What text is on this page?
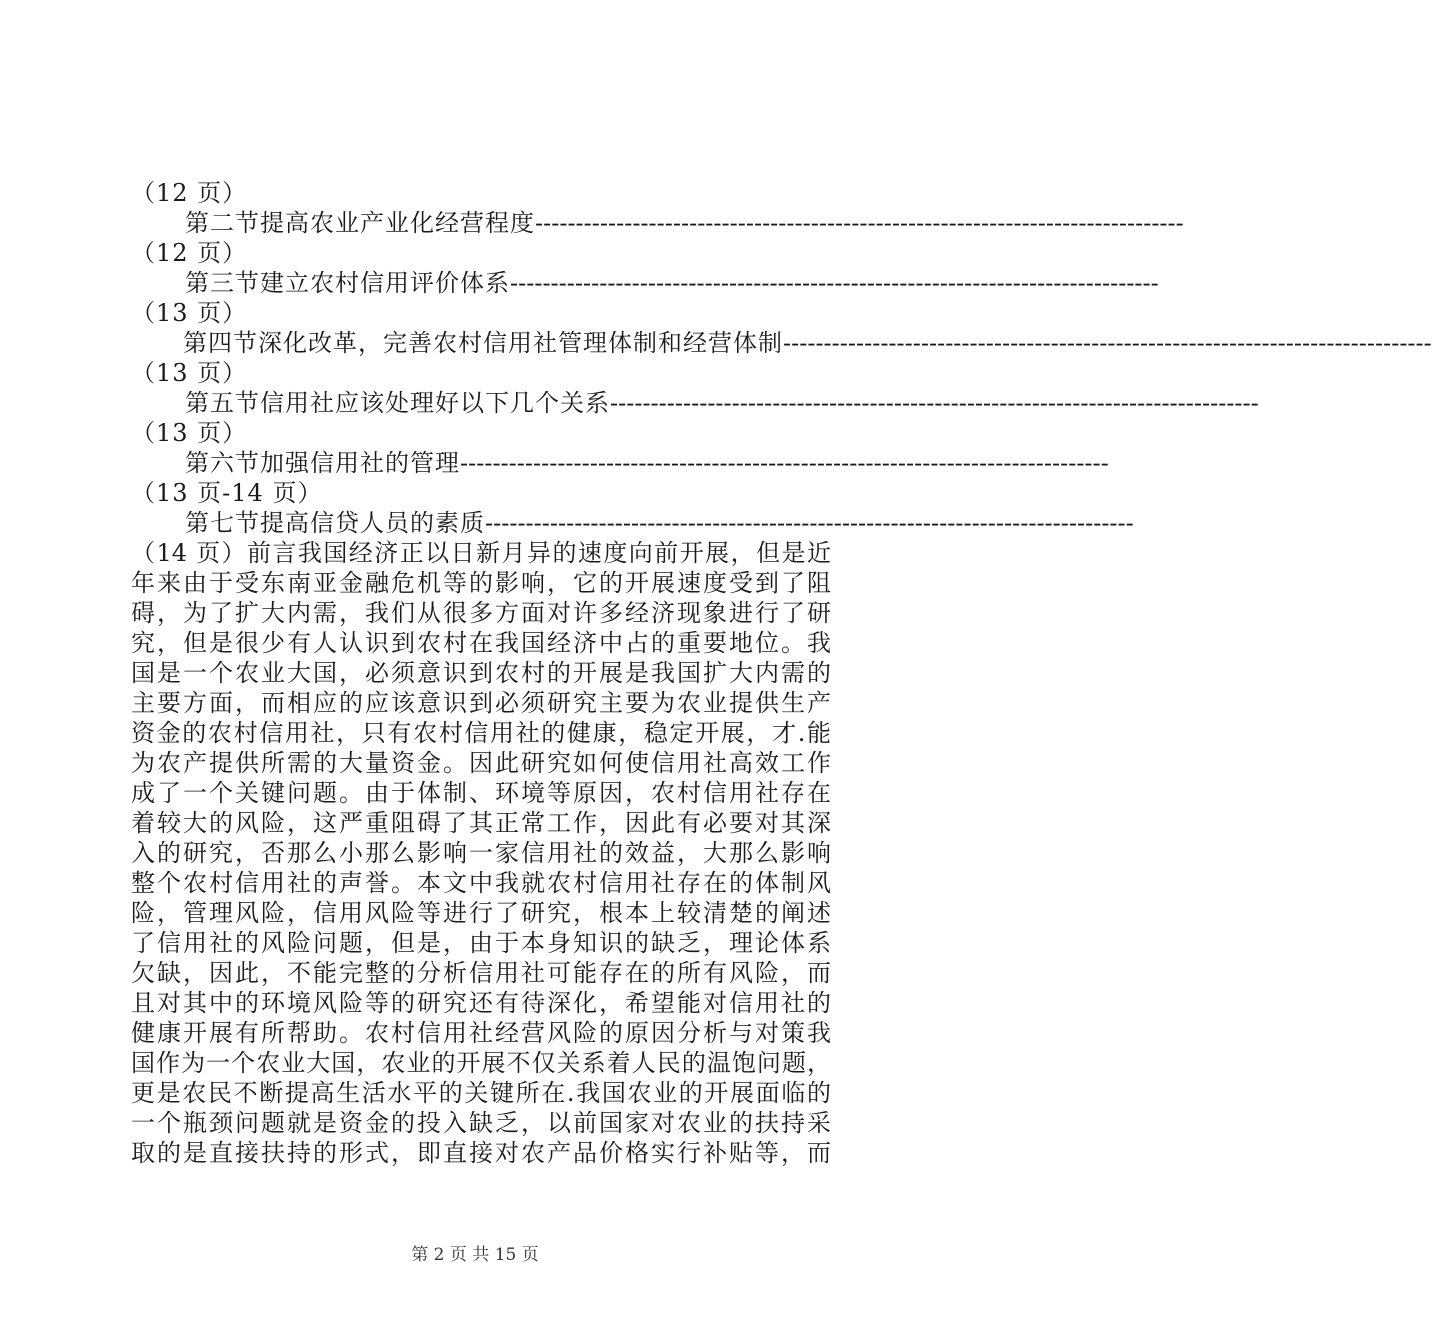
（12 页）
第二节提高农业产业化经营程度 --------------------------------------------------------------------------------
（12 页）
第三节建立农村信用评价体系 --------------------------------------------------------------------------------
（13 页）
第四节深化改革，完善农村信用社管理体制和经营体制 --------------------------------------------------------------------------------
（13 页）
第五节信用社应该处理好以下几个关系 --------------------------------------------------------------------------------
（13 页）
第六节加强信用社的管理 --------------------------------------------------------------------------------
（13 页-14 页）
第七节提高信贷人员的素质 --------------------------------------------------------------------------------
（14 页）前言我国经济正以日新月异的速度向前开展，但是近
年来由于受东南亚金融危机等的影响，它的开展速度受到了阻
碍，为了扩大内需，我们从很多方面对许多经济现象进行了研
究，但是很少有人认识到农村在我国经济中占的重要地位。我
国是一个农业大国，必须意识到农村的开展是我国扩大内需的
主要方面，而相应的应该意识到必须研究主要为农业提供生产
资金的农村信用社，只有农村信用社的健康，稳定开展，才.能
为农产提供所需的大量资金。因此研究如何使信用社高效工作
成了一个关键问题。由于体制、环境等原因，农村信用社存在
着较大的风险，这严重阻碍了其正常工作，因此有必要对其深
入的研究，否那么小那么影响一家信用社的效益，大那么影响
整个农村信用社的声誉。本文中我就农村信用社存在的体制风
险，管理风险，信用风险等进行了研究，根本上较清楚的阐述
了信用社的风险问题，但是，由于本身知识的缺乏，理论体系
欠缺，因此，不能完整的分析信用社可能存在的所有风险，而
且对其中的环境风险等的研究还有待深化，希望能对信用社的
健康开展有所帮助。农村信用社经营风险的原因分析与对策我
国作为一个农业大国，农业的开展不仅关系着人民的温饱问题，
更是农民不断提高生活水平的关键所在.我国农业的开展面临的
一个瓶颈问题就是资金的投入缺乏，以前国家对农业的扶持采
取的是直接扶持的形式，即直接对农产品价格实行补贴等，而
第 2 页 共 15 页
